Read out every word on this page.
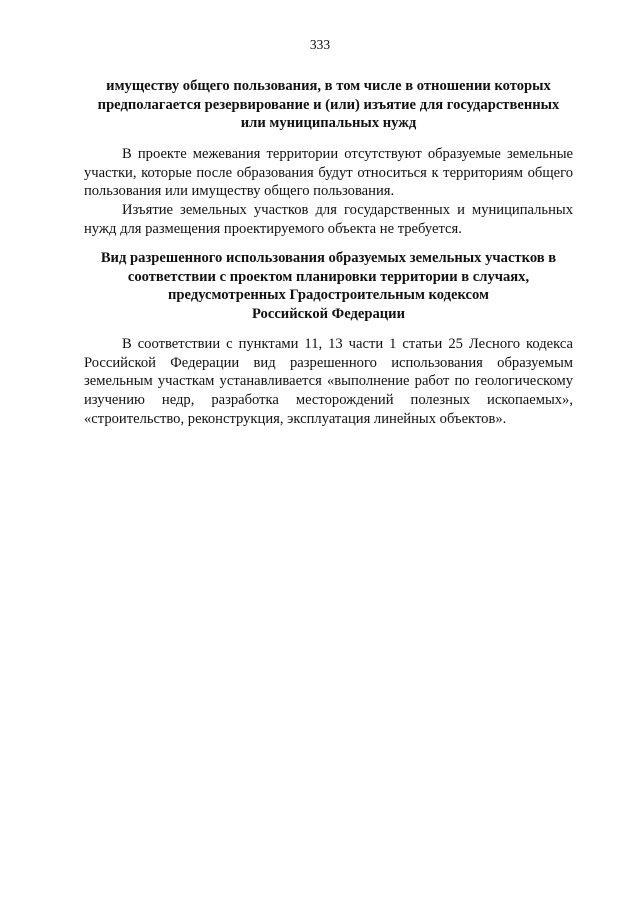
333
имуществу общего пользования, в том числе в отношении которых
предполагается резервирование и (или) изъятие для государственных
или муниципальных нужд

В проекте межевания территории отсутствуют образуемые земельные участки, которые после образования будут относиться к территориям общего пользования или имуществу общего пользования.

Изъятие земельных участков для государственных и муниципальных нужд для размещения проектируемого объекта не требуется.

Вид разрешенного использования образуемых земельных участков в
соответствии с проектом планировки территории в случаях,
предусмотренных Градостроительным кодексом
Российской Федерации

В соответствии с пунктами 11, 13 части 1 статьи 25 Лесного кодекса Российской Федерации вид разрешенного использования образуемым земельным участкам устанавливается «выполнение работ по геологическому изучению недр, разработка месторождений полезных ископаемых», «строительство, реконструкция, эксплуатация линейных объектов».
